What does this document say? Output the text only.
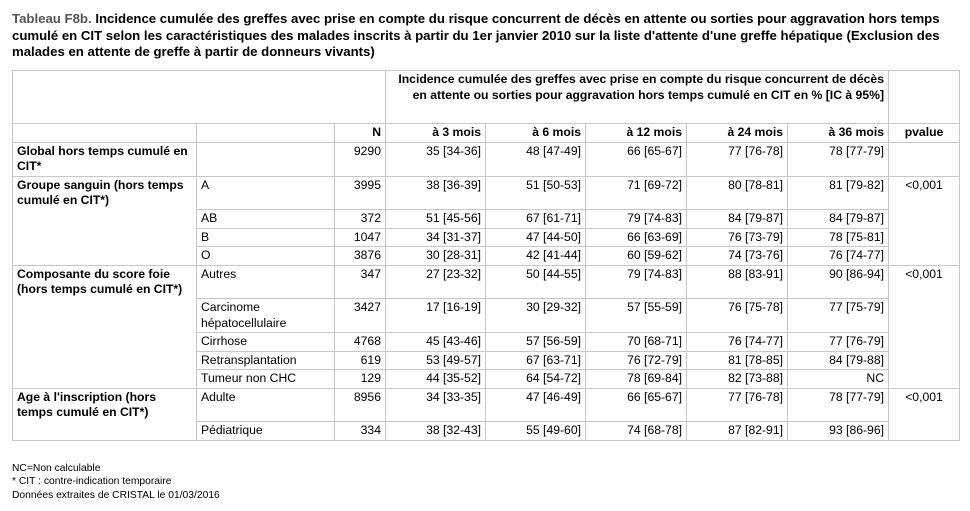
Tableau F8b. Incidence cumulée des greffes avec prise en compte du risque concurrent de décès en attente ou sorties pour aggravation hors temps cumulé en CIT selon les caractéristiques des malades inscrits à partir du 1er janvier 2010 sur la liste d'attente d'une greffe hépatique (Exclusion des malades en attente de greffe à partir de donneurs vivants)
			Incidence cumulée des greffes avec prise en compte du risque concurrent de décès en attente ou sorties pour aggravation hors temps cumulé en CIT en % [IC à 95%]					
		N	à 3 mois	à 6 mois	à 12 mois	à 24 mois	à 36 mois	pvalue
Global hors temps cumulé en CIT*		9290	35 [34-36]	48 [47-49]	66 [65-67]	77 [76-78]	78 [77-79]	
Groupe sanguin (hors temps cumulé en CIT*)	A	3995	38 [36-39]	51 [50-53]	71 [69-72]	80 [78-81]	81 [79-82]	<0,001
	AB	372	51 [45-56]	67 [61-71]	79 [74-83]	84 [79-87]	84 [79-87]	
	B	1047	34 [31-37]	47 [44-50]	66 [63-69]	76 [73-79]	78 [75-81]	
	O	3876	30 [28-31]	42 [41-44]	60 [59-62]	74 [73-76]	76 [74-77]	
Composante du score foie (hors temps cumulé en CIT*)	Autres	347	27 [23-32]	50 [44-55]	79 [74-83]	88 [83-91]	90 [86-94]	<0,001
	Carcinome hépatocellulaire	3427	17 [16-19]	30 [29-32]	57 [55-59]	76 [75-78]	77 [75-79]	
	Cirrhose	4768	45 [43-46]	57 [56-59]	70 [68-71]	76 [74-77]	77 [76-79]	
	Retransplantation	619	53 [49-57]	67 [63-71]	76 [72-79]	81 [78-85]	84 [79-88]	
	Tumeur non CHC	129	44 [35-52]	64 [54-72]	78 [69-84]	82 [73-88]	NC	
Age à l'inscription (hors temps cumulé en CIT*)	Adulte	8956	34 [33-35]	47 [46-49]	66 [65-67]	77 [76-78]	78 [77-79]	<0,001
	Pédiatrique	334	38 [32-43]	55 [49-60]	74 [68-78]	87 [82-91]	93 [86-96]	
NC=Non calculable
* CIT : contre-indication temporaire
Données extraites de CRISTAL le 01/03/2016
